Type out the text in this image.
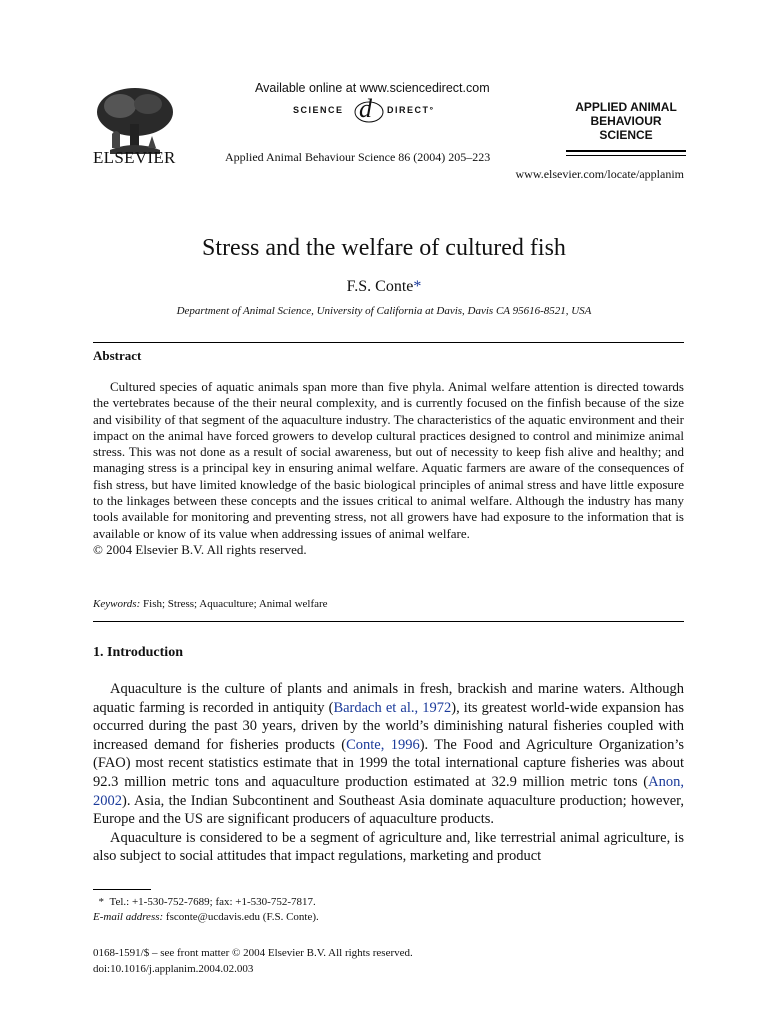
ELSEVIER
Available online at www.sciencedirect.com
SCIENCE d DIRECT°
Applied Animal Behaviour Science 86 (2004) 205–223
APPLIED ANIMAL
BEHAVIOUR
SCIENCE
www.elsevier.com/locate/applanim
Stress and the welfare of cultured fish
F.S. Conte*
Department of Animal Science, University of California at Davis, Davis CA 95616-8521, USA
Abstract

Cultured species of aquatic animals span more than five phyla. Animal welfare attention is directed towards the vertebrates because of the their neural complexity, and is currently focused on the finfish because of the size and visibility of that segment of the aquaculture industry. The characteristics of the aquatic environment and their impact on the animal have forced growers to develop cultural practices designed to control and minimize animal stress. This was not done as a result of social awareness, but out of necessity to keep fish alive and healthy; and managing stress is a principal key in ensuring animal welfare. Aquatic farmers are aware of the consequences of fish stress, but have limited knowledge of the basic biological principles of animal stress and have little exposure to the linkages between these concepts and the issues critical to animal welfare. Although the industry has many tools available for monitoring and preventing stress, not all growers have had exposure to the information that is available or know of its value when addressing issues of animal welfare.

© 2004 Elsevier B.V. All rights reserved.
Keywords: Fish; Stress; Aquaculture; Animal welfare
1. Introduction

Aquaculture is the culture of plants and animals in fresh, brackish and marine waters. Although aquatic farming is recorded in antiquity (Bardach et al., 1972), its greatest world-wide expansion has occurred during the past 30 years, driven by the world’s diminishing natural fisheries coupled with increased demand for fisheries products (Conte, 1996). The Food and Agriculture Organization’s (FAO) most recent statistics estimate that in 1999 the total international capture fisheries was about 92.3 million metric tons and aquaculture production estimated at 32.9 million metric tons (Anon, 2002). Asia, the Indian Subcontinent and Southeast Asia dominate aquaculture production; however, Europe and the US are significant producers of aquaculture products.

Aquaculture is considered to be a segment of agriculture and, like terrestrial animal agriculture, is also subject to social attitudes that impact regulations, marketing and product

* Tel.: +1-530-752-7689; fax: +1-530-752-7817.
E-mail address: fsconte@ucdavis.edu (F.S. Conte).
0168-1591/$ – see front matter © 2004 Elsevier B.V. All rights reserved.
doi:10.1016/j.applanim.2004.02.003
